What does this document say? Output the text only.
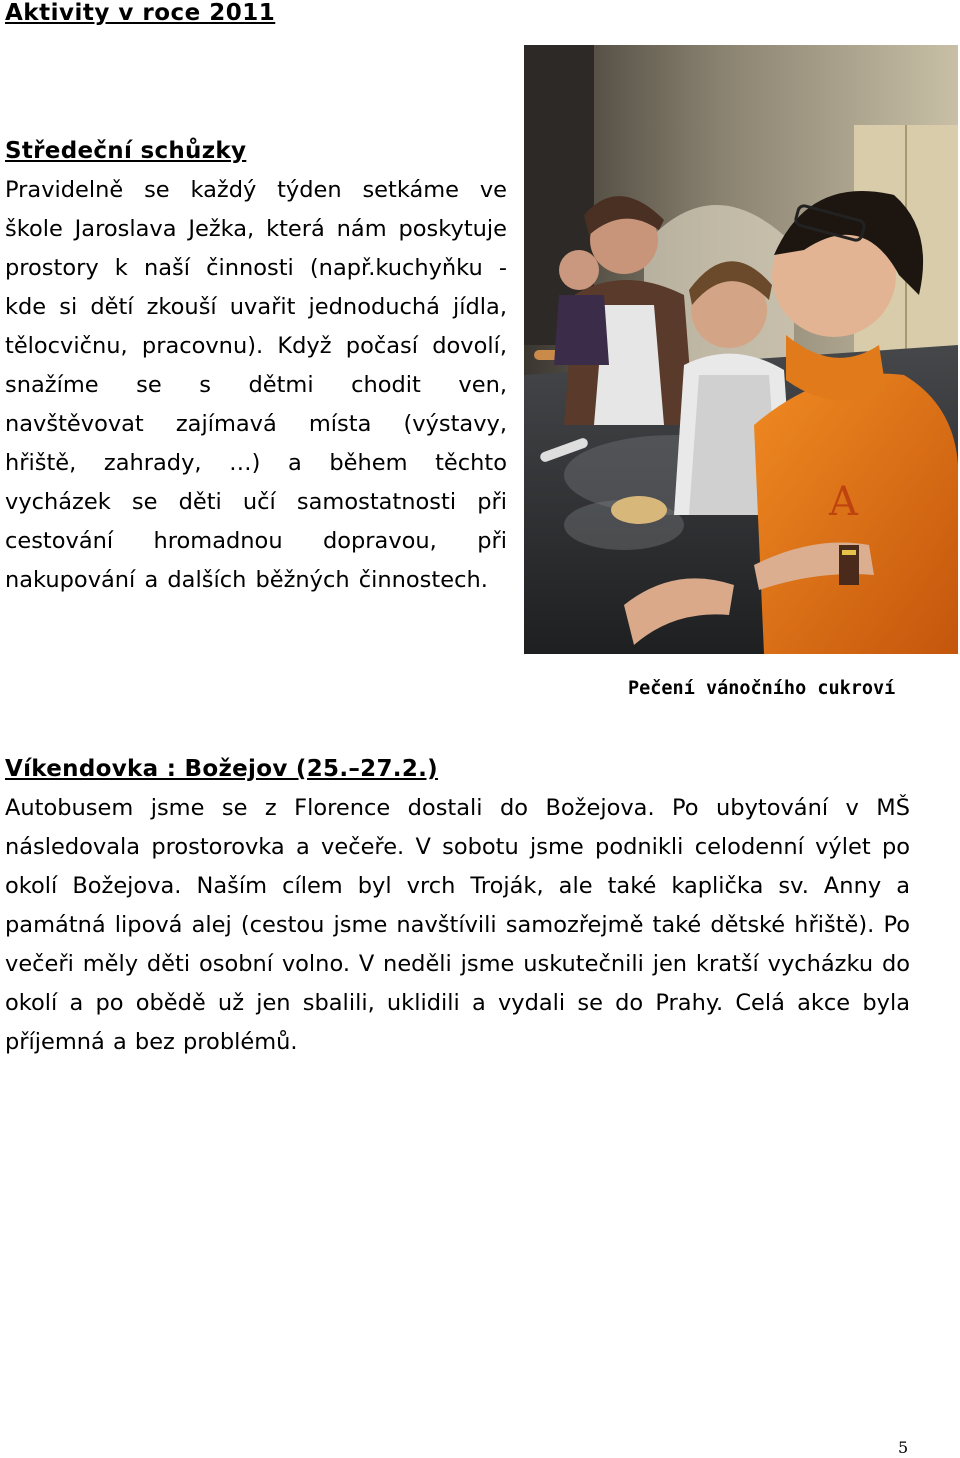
Aktivity v roce 2011
Středeční schůzky

Pravidelně se každý týden setkáme ve škole Jaroslava Ježka, která nám poskytuje prostory k naší činnosti (např.kuchyňku - kde si dětí zkouší uvařit jednoduchá jídla, tělocvičnu, pracovnu). Když počasí dovolí, snažíme se s dětmi chodit ven, navštěvovat zajímavá místa (výstavy, hřiště, zahrady, …) a během těchto vycházek se děti učí samostatnosti při cestování hromadnou dopravou, při nakupování a dalších běžných činnostech.

A

Pečení vánočního cukroví

Víkendovka : Božejov (25.–27.2.)

Autobusem jsme se z Florence dostali do Božejova. Po ubytování v MŠ následovala prostorovka a večeře. V sobotu jsme podnikli celodenní výlet po okolí Božejova. Naším cílem byl vrch Troják, ale také kaplička sv. Anny a památná lipová alej (cestou jsme navštívili samozřejmě také dětské hřiště). Po večeři měly děti osobní volno. V neděli jsme uskutečnili jen kratší vycházku do okolí a po obědě už jen sbalili, uklidili a vydali se do Prahy. Celá akce byla příjemná a bez problémů.

5
